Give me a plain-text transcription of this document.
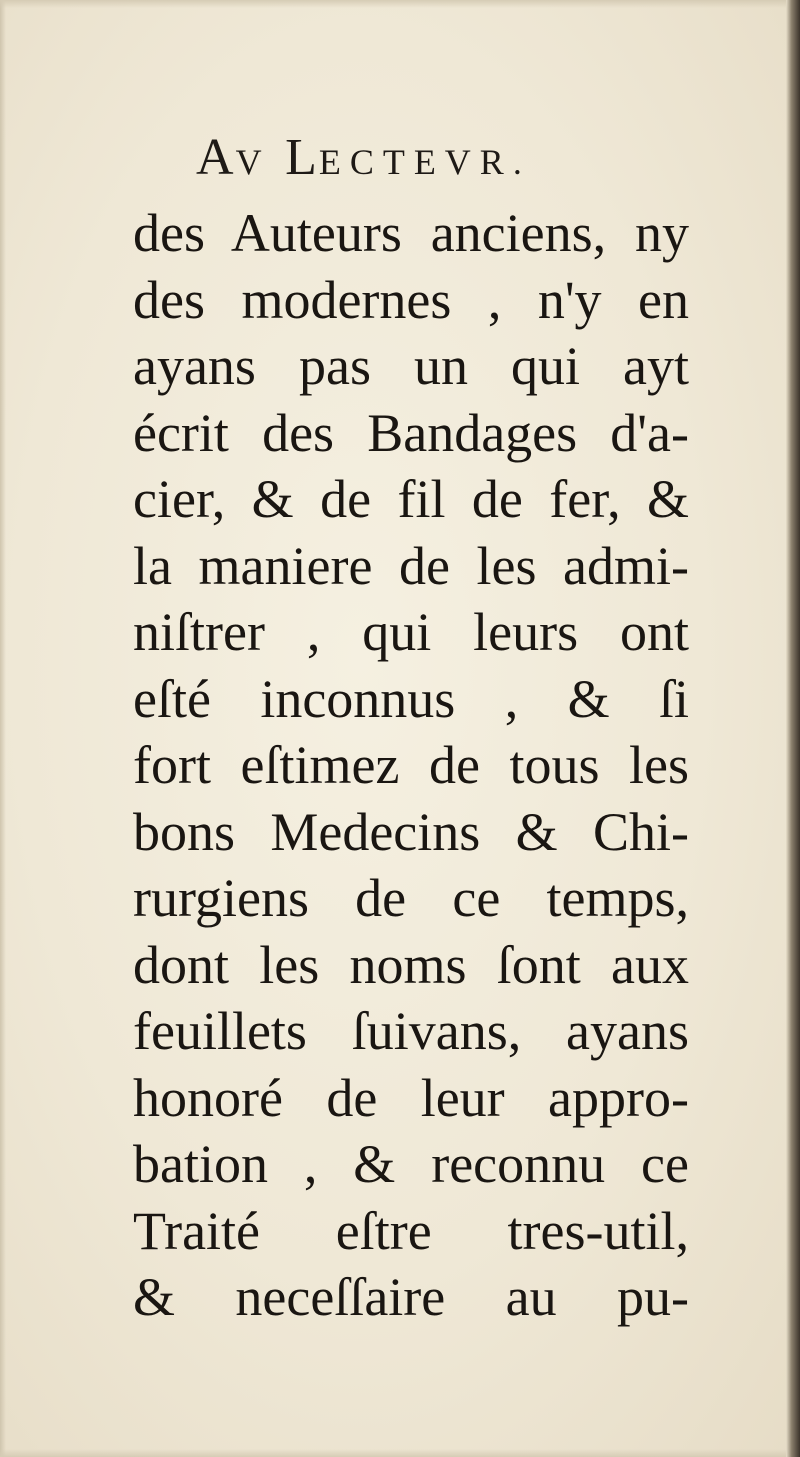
AV LECTEVR.
des Auteurs anciens, ny
des modernes , n'y en
ayans pas un qui ayt
écrit des Bandages d'a-
cier, & de fil de fer, &
la maniere de les admi-
niſtrer , qui leurs ont
eſté inconnus , & ſi
fort eſtimez de tous les
bons Medecins & Chi-
rurgiens de ce temps,
dont les noms ſont aux
feuillets ſuivans, ayans
honoré de leur appro-
bation , & reconnu ce
Traité eſtre tres-util,
& neceſſaire au pu-
